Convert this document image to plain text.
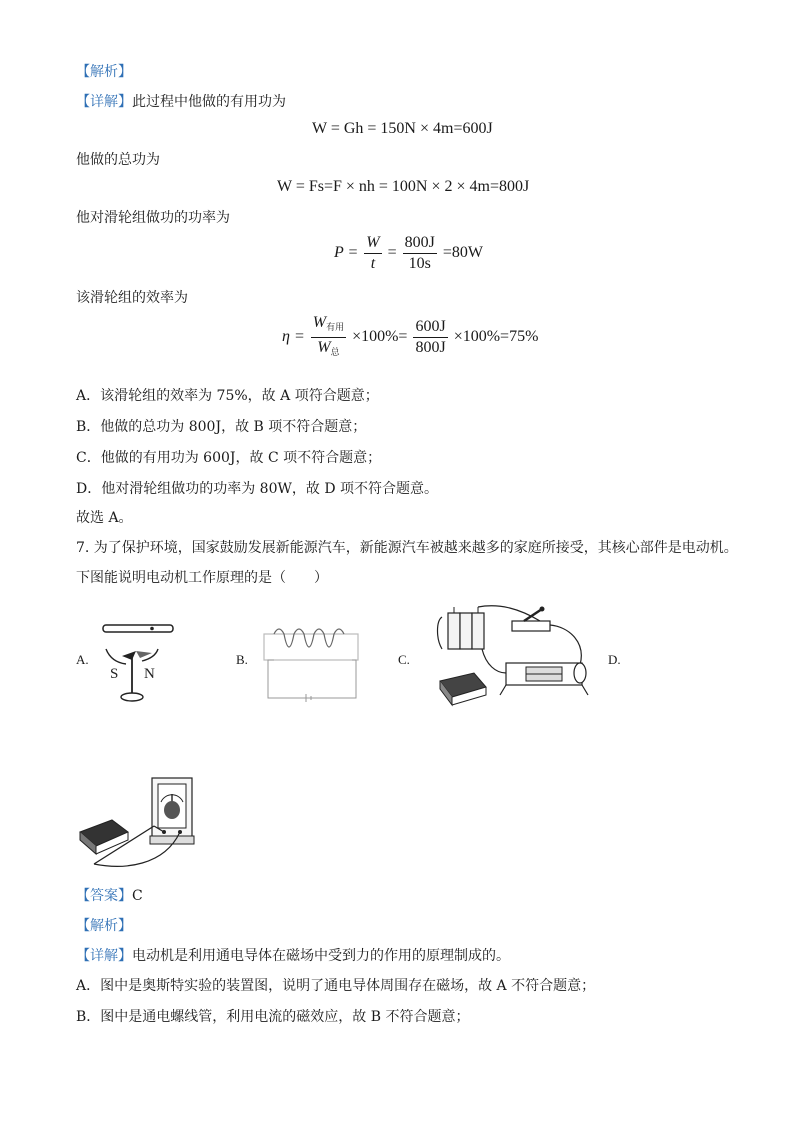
【解析】
【详解】此过程中他做的有用功为
W = Gh = 150N × 4m=600J
他做的总功为
W = Fs=F × nh = 100N × 2 × 4m=800J
他对滑轮组做功的功率为
$P = \frac{W}{t} = \frac{800J}{10s} =80W$
该滑轮组的效率为
$\eta = \frac{W_{有用}}{W_总} \times 100\%= \frac{600J}{800J} \times 100\%=75\%$
A．该滑轮组的效率为 75%，故 A 项符合题意；
B．他做的总功为 800J，故 B 项不符合题意；
C．他做的有用功为 600J，故 C 项不符合题意；
D．他对滑轮组做功的功率为 80W，故 D 项不符合题意。
故选 A。
7. 为了保护环境，国家鼓励发展新能源汽车，新能源汽车被越来越多的家庭所接受，其核心部件是电动机。
下图能说明电动机工作原理的是（　　）
A.
S N
B.	C.	D.
【答案】C
【解析】
【详解】电动机是利用通电导体在磁场中受到力的作用的原理制成的。
A．图中是奥斯特实验的装置图，说明了通电导体周围存在磁场，故 A 不符合题意；
B．图中是通电螺线管，利用电流的磁效应，故 B 不符合题意；
